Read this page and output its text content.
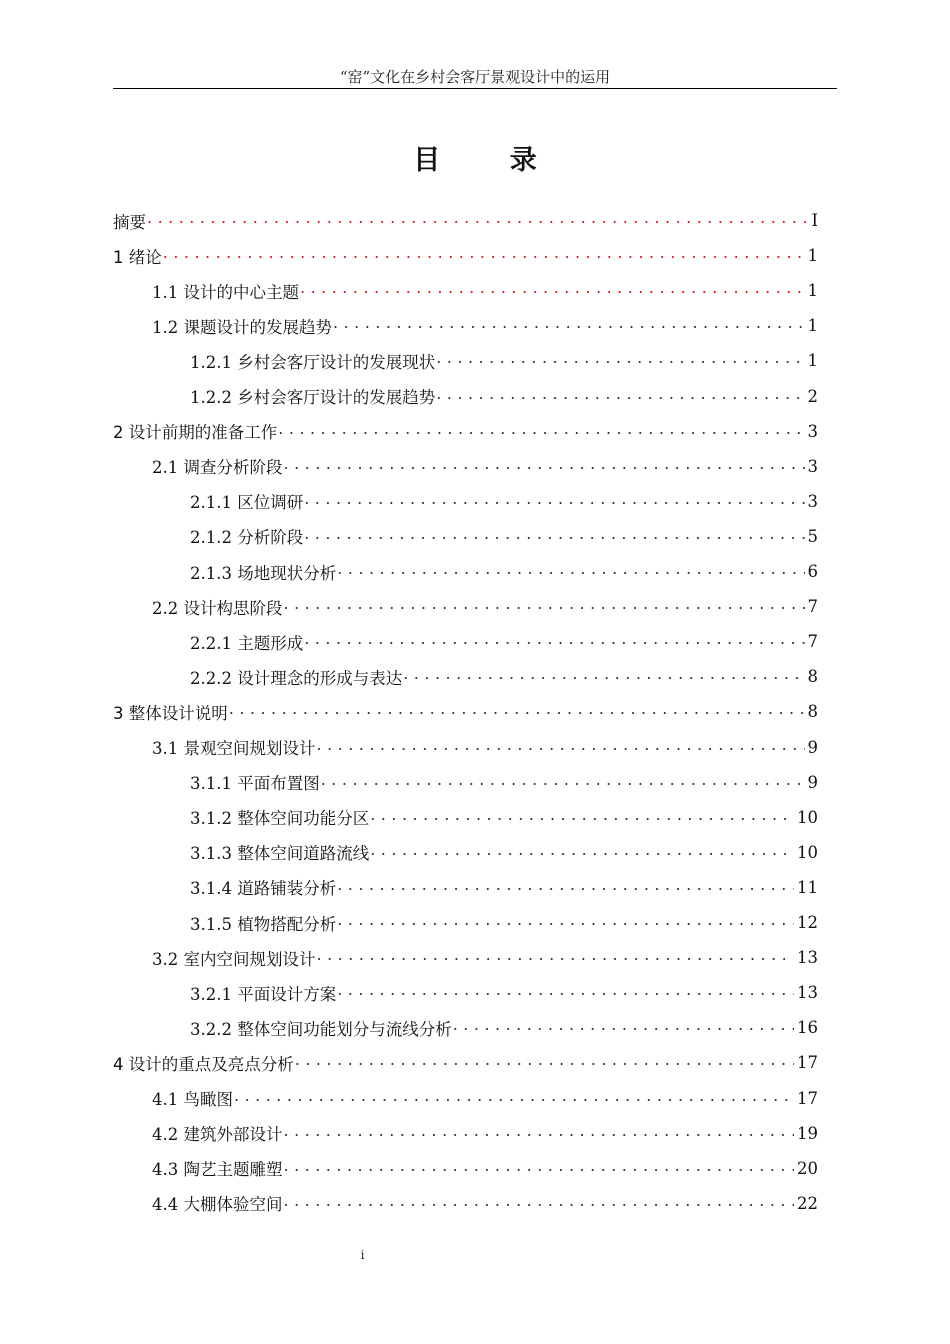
“窑”文化在乡村会客厅景观设计中的运用
目 录
摘要 . . .	I
1 绪论 . . .	1
1.1 设计的中心主题 . . .	1
1.2 课题设计的发展趋势 . . .	1
1.2.1 乡村会客厅设计的发展现状 . . .	1
1.2.2 乡村会客厅设计的发展趋势 . . .	2
2 设计前期的准备工作 . . .	3
2.1 调查分析阶段 . . .	3
2.1.1 区位调研 . . .	3
2.1.2 分析阶段 . . .	5
2.1.3 场地现状分析 . . .	6
2.2 设计构思阶段 . . .	7
2.2.1 主题形成 . . .	7
2.2.2 设计理念的形成与表达 . . .	8
3 整体设计说明 . . .	8
3.1 景观空间规划设计 . . .	9
3.1.1 平面布置图 . . .	9
3.1.2 整体空间功能分区 . . .	10
3.1.3 整体空间道路流线 . . .	10
3.1.4 道路铺装分析 . . .	11
3.1.5 植物搭配分析 . . .	12
3.2 室内空间规划设计 . . .	13
3.2.1 平面设计方案 . . .	13
3.2.2 整体空间功能划分与流线分析 . . .	16
4 设计的重点及亮点分析 . . .	17
4.1 鸟瞰图 . . .	17
4.2 建筑外部设计 . . .	19
4.3 陶艺主题雕塑 . . .	20
4.4 大棚体验空间 . . .	22
i
